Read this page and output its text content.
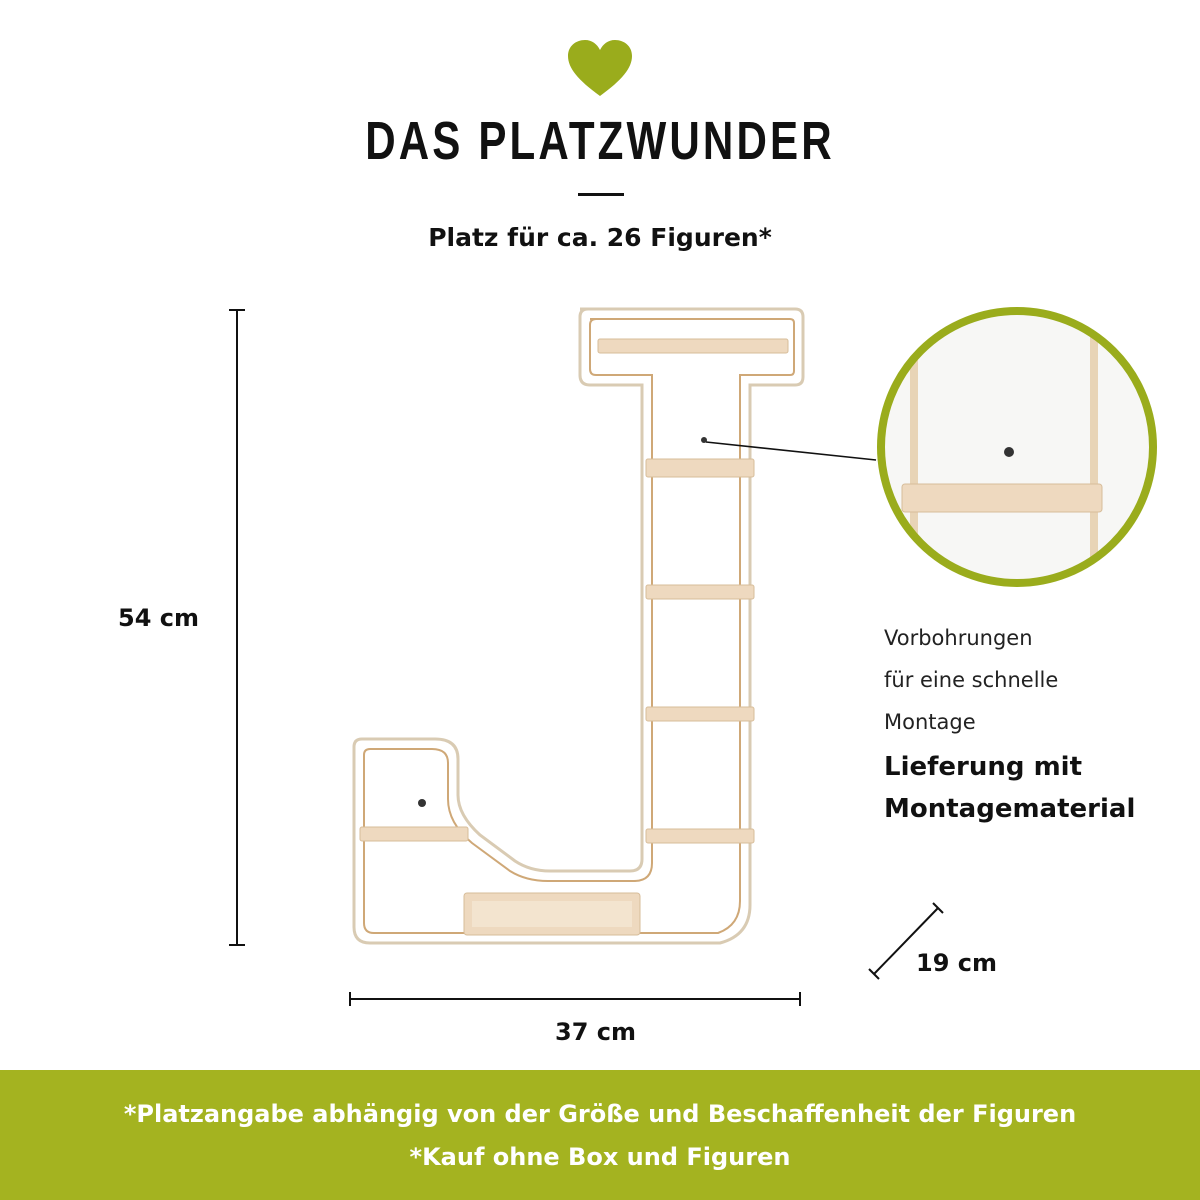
DAS PLATZWUNDER
Platz für ca. 26 Figuren*
54 cm
37 cm
19 cm
Vorbohrungen
für eine schnelle
Montage
Lieferung mit
Montagematerial
*Platzangabe abhängig von der Größe und Beschaffenheit der Figuren
*Kauf ohne Box und Figuren
